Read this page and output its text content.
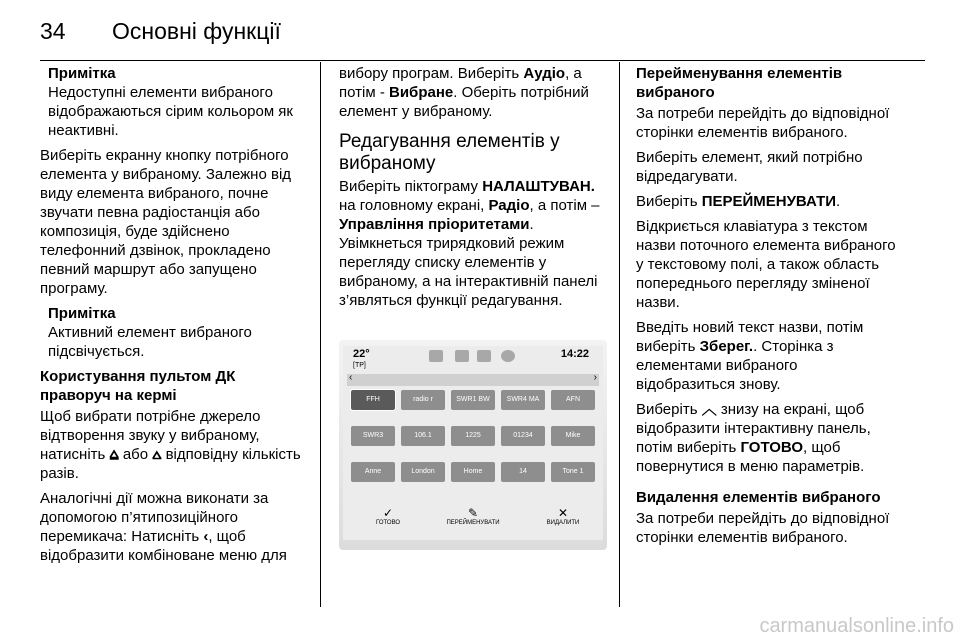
34 Основні функції
Примітка
Недоступні елементи вибраного відображаються сірим кольором як неактивні.

Виберіть екранну кнопку потрібного елемента у вибраному. Залежно від виду елемента вибраного, почне звучати певна радіостанція або композиція, буде здійснено телефонний дзвінок, прокладено певний маршрут або запущено програму.

Примітка
Активний елемент вибраного підсвічується.
Користування пультом ДК праворуч на кермі

Щоб вибрати потрібне джерело відтворення звуку у вибраному, натисніть ⩠ або ⩟ відповідну кількість разів.

Аналогічні дії можна виконати за допомогою п’ятипозиційного перемикача: Натисніть ‹, щоб відобразити комбіноване меню для

вибору програм. Виберіть Аудіо, а потім - Вибране. Оберіть потрібний елемент у вибраному.

Редагування елементів у вибраному

Виберіть піктограму НАЛАШТУВАН. на головному екрані, Радіо, а потім – Управління пріоритетами. Увімкнеться трирядковий режим перегляду списку елементів у вибраному, а на інтерактивній панелі з’являться функції редагування.

22°
[TP]
14:22
‹	›
FFH	radio r	SWR1 BW	SWR4 MA	AFN
SWR3	106.1	1225	01234	Mike
Anne	London	Home	14	Tone 1
✓
ГОТОВО
✎
ПЕРЕЙМЕНУВАТИ
✕
ВИДАЛИТИ
Перейменування елементів вибраного

За потреби перейдіть до відповідної сторінки елементів вибраного.

Виберіть елемент, який потрібно відредагувати.

Виберіть ПЕРЕЙМЕНУВАТИ.

Відкриється клавіатура з текстом назви поточного елемента вибраного у текстовому полі, а також область попереднього перегляду зміненої назви.

Введіть новий текст назви, потім виберіть Зберег.. Сторінка з елементами вибраного відобразиться знову.

Виберіть ︿ знизу на екрані, щоб відобразити інтерактивну панель, потім виберіть ГОТОВО, щоб повернутися в меню параметрів.

Видалення елементів вибраного

За потреби перейдіть до відповідної сторінки елементів вибраного.

carmanualsonline.info
